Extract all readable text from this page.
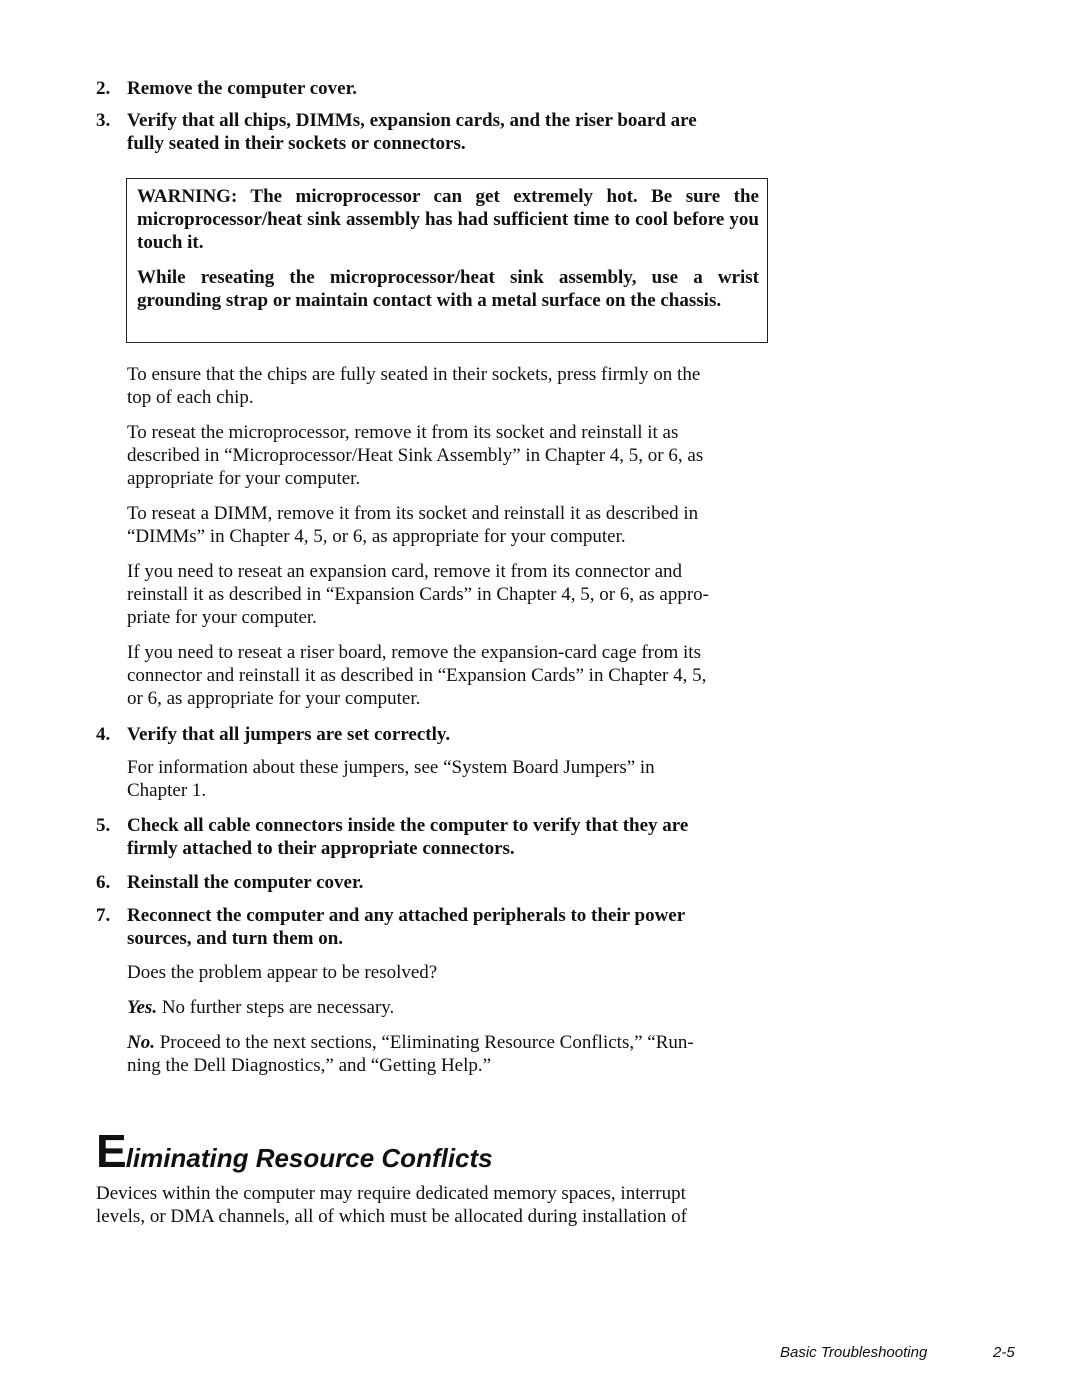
2. Remove the computer cover.
3. Verify that all chips, DIMMs, expansion cards, and the riser board are
fully seated in their sockets or connectors.
WARNING: The microprocessor can get extremely hot. Be sure the microprocessor/heat sink assembly has had sufficient time to cool before you touch it.
While reseating the microprocessor/heat sink assembly, use a wrist grounding strap or maintain contact with a metal surface on the chassis.
To ensure that the chips are fully seated in their sockets, press firmly on the
top of each chip.
To reseat the microprocessor, remove it from its socket and reinstall it as
described in “Microprocessor/Heat Sink Assembly” in Chapter 4, 5, or 6, as
appropriate for your computer.
To reseat a DIMM, remove it from its socket and reinstall it as described in
“DIMMs” in Chapter 4, 5, or 6, as appropriate for your computer.
If you need to reseat an expansion card, remove it from its connector and
reinstall it as described in “Expansion Cards” in Chapter 4, 5, or 6, as appro-
priate for your computer.
If you need to reseat a riser board, remove the expansion-card cage from its
connector and reinstall it as described in “Expansion Cards” in Chapter 4, 5,
or 6, as appropriate for your computer.
4. Verify that all jumpers are set correctly.
For information about these jumpers, see “System Board Jumpers” in
Chapter 1.
5. Check all cable connectors inside the computer to verify that they are
firmly attached to their appropriate connectors.
6. Reinstall the computer cover.
7. Reconnect the computer and any attached peripherals to their power
sources, and turn them on.
Does the problem appear to be resolved?
Yes. No further steps are necessary.
No. Proceed to the next sections, “Eliminating Resource Conflicts,” “Run-
ning the Dell Diagnostics,” and “Getting Help.”
Eliminating Resource Conflicts
Devices within the computer may require dedicated memory spaces, interrupt
levels, or DMA channels, all of which must be allocated during installation of
Basic Troubleshooting	2-5
